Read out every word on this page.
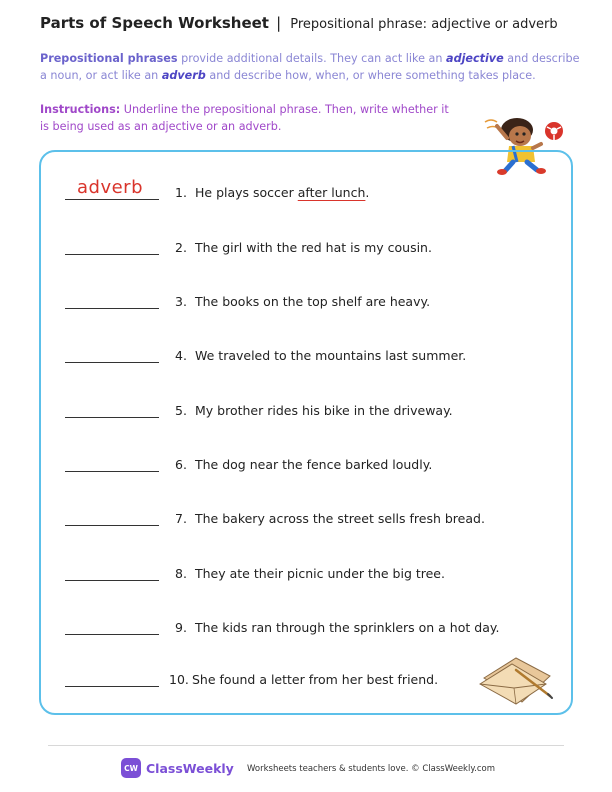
Parts of Speech Worksheet | Prepositional phrase: adjective or adverb
Prepositional phrases provide additional details. They can act like an adjective and describe a noun, or act like an adverb and describe how, when, or where something takes place.
Instructions: Underline the prepositional phrase. Then, write whether it is being used as an adjective or an adverb.
adverb	1. He plays soccer after lunch.
2. The girl with the red hat is my cousin.
3. The books on the top shelf are heavy.
4. We traveled to the mountains last summer.
5. My brother rides his bike in the driveway.
6. The dog near the fence barked loudly.
7. The bakery across the street sells fresh bread.
8. They ate their picnic under the big tree.
9. The kids ran through the sprinklers on a hot day.
10. She found a letter from her best friend.
CW ClassWeekly Worksheets teachers & students love. © ClassWeekly.com
